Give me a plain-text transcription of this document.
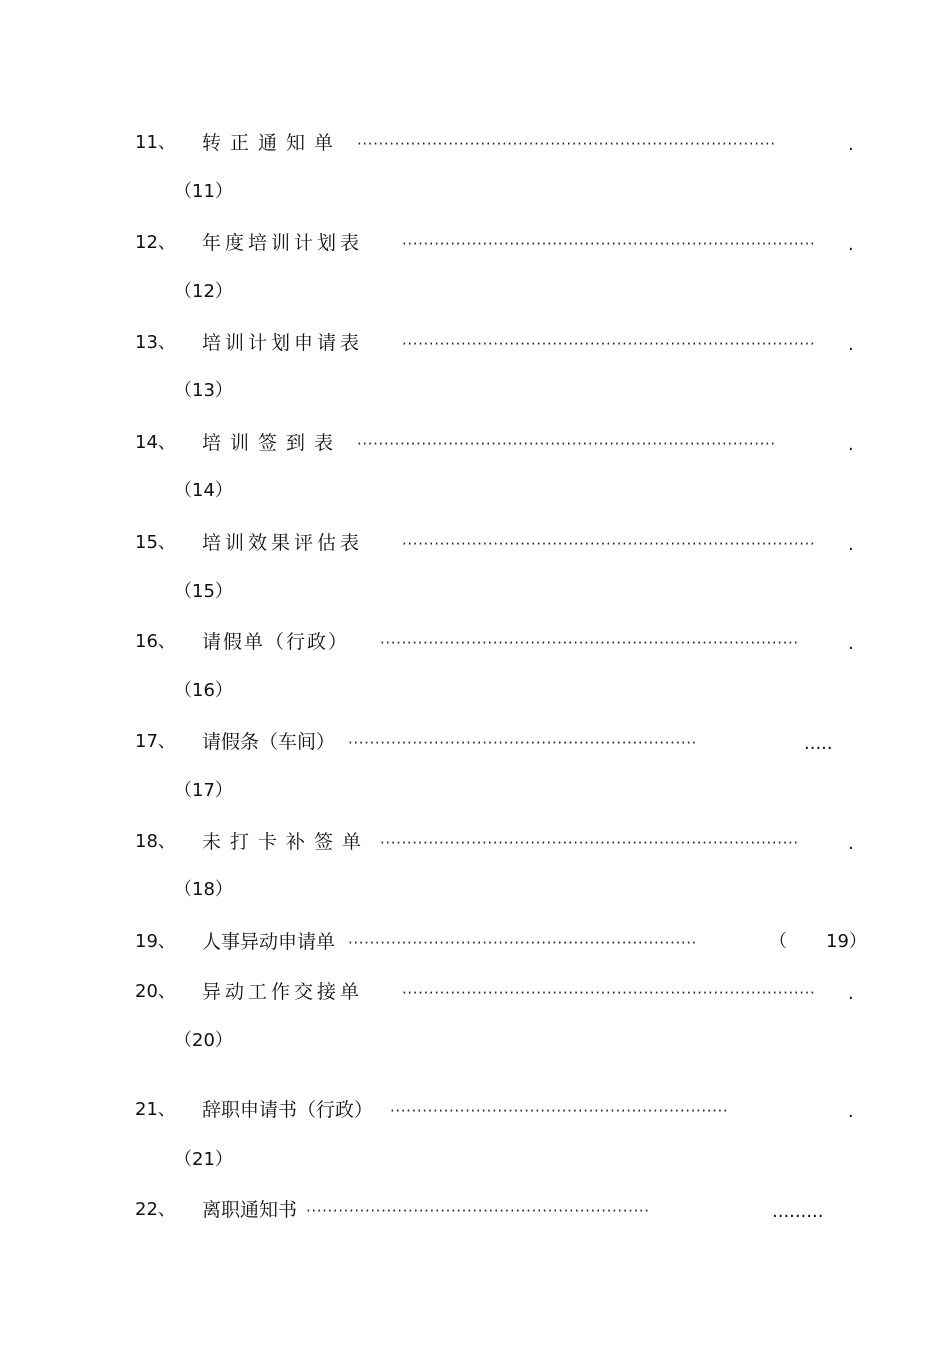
11、 转正通知单 ··············································································	.
（11）
12、 年度培训计划表	············································································· .
（12）
13、 培训计划申请表	············································································· .
（13）
14、 培训签到表 ··············································································	.
（14）
15、 培训效果评估表	············································································· .
（15）
16、 请假单（行政） ··············································································	.
（16）
17、 请假条（车间） ·································································	.....
（17）
18、 未打卡补签单 ··············································································	.
（18）
19、 人事异动申请单 ·································································	（ 19）
20、 异动工作交接单	············································································· .
（20）
21、 辞职申请书（行政） ·······························································	.
（21）
22、 离职通知书 ································································	.........
